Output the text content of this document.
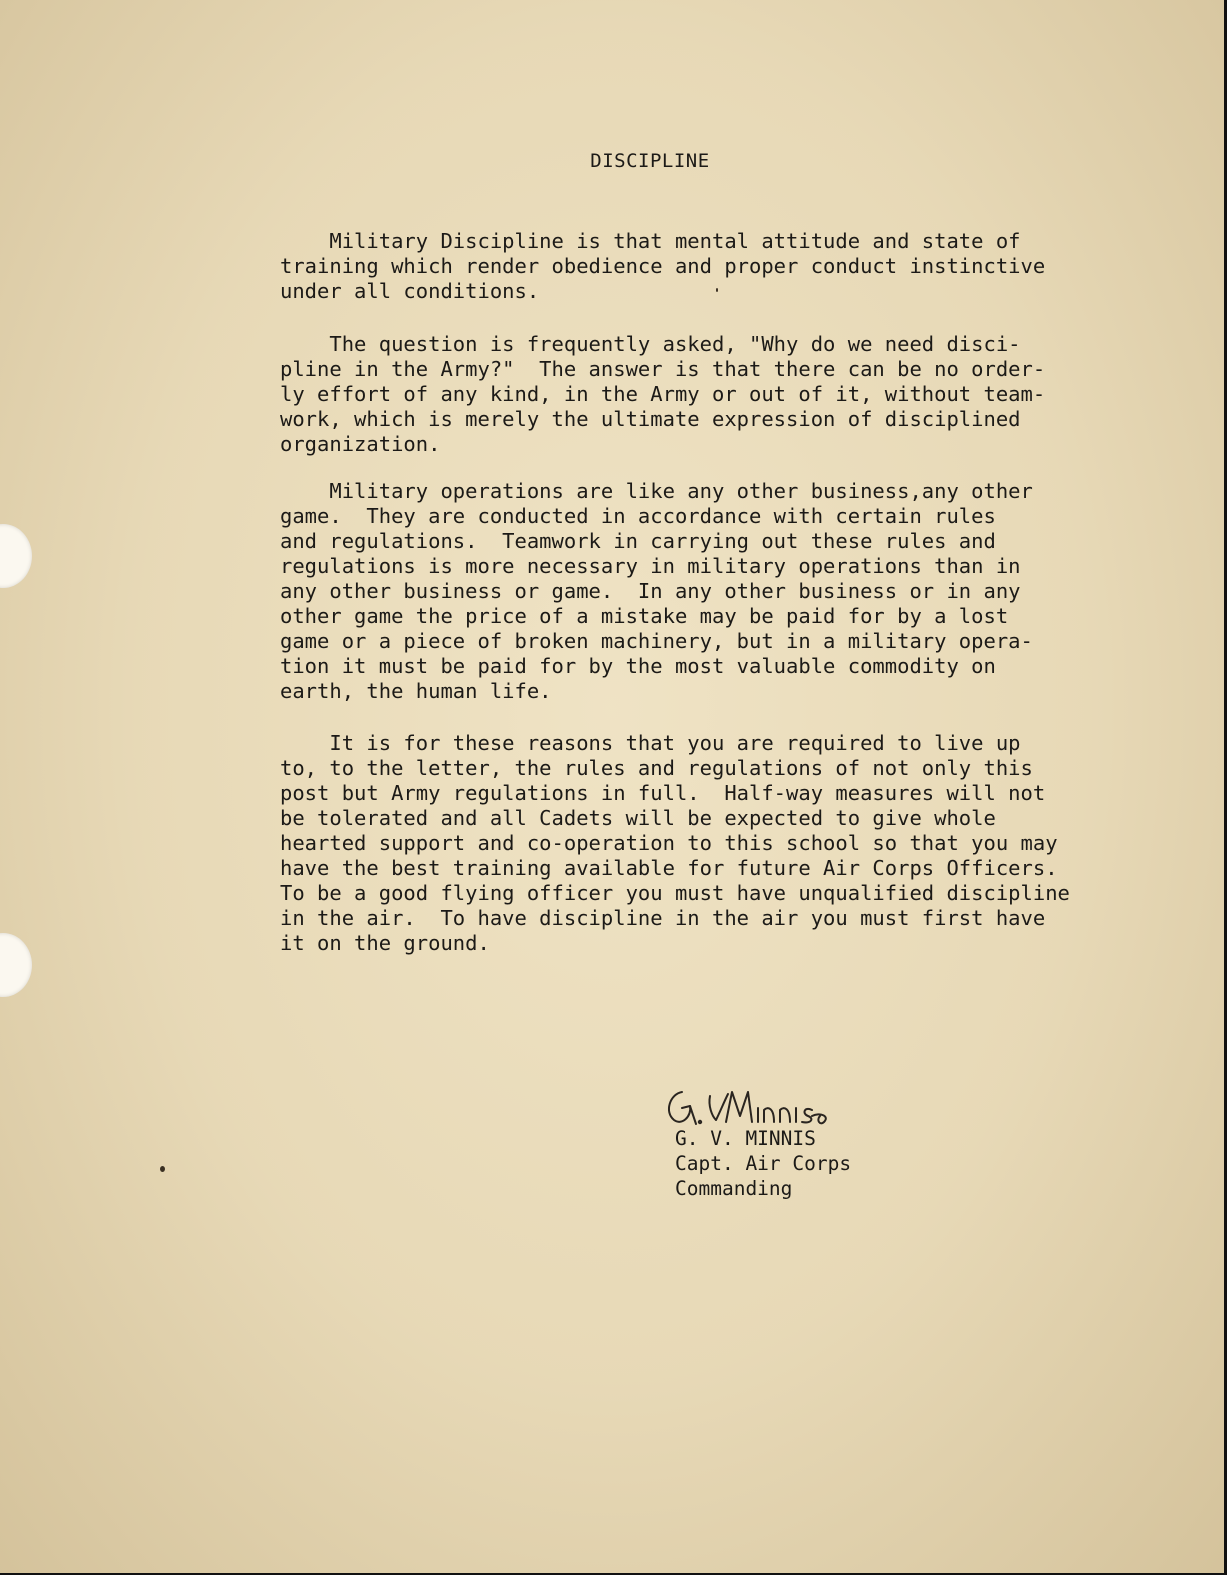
DISCIPLINE

Military Discipline is that mental attitude and state of
training which render obedience and proper conduct instinctive
under all conditions.

The question is frequently asked, "Why do we need disci-
pline in the Army?"  The answer is that there can be no order-
ly effort of any kind, in the Army or out of it, without team-
work, which is merely the ultimate expression of disciplined
organization.

Military operations are like any other business,any other
game.  They are conducted in accordance with certain rules
and regulations.  Teamwork in carrying out these rules and
regulations is more necessary in military operations than in
any other business or game.  In any other business or in any
other game the price of a mistake may be paid for by a lost
game or a piece of broken machinery, but in a military opera-
tion it must be paid for by the most valuable commodity on
earth, the human life.

It is for these reasons that you are required to live up
to, to the letter, the rules and regulations of not only this
post but Army regulations in full.  Half-way measures will not
be tolerated and all Cadets will be expected to give whole
hearted support and co-operation to this school so that you may
have the best training available for future Air Corps Officers.
To be a good flying officer you must have unqualified discipline
in the air.  To have discipline in the air you must first have
it on the ground.

G. V. MINNIS
Capt. Air Corps
Commanding
